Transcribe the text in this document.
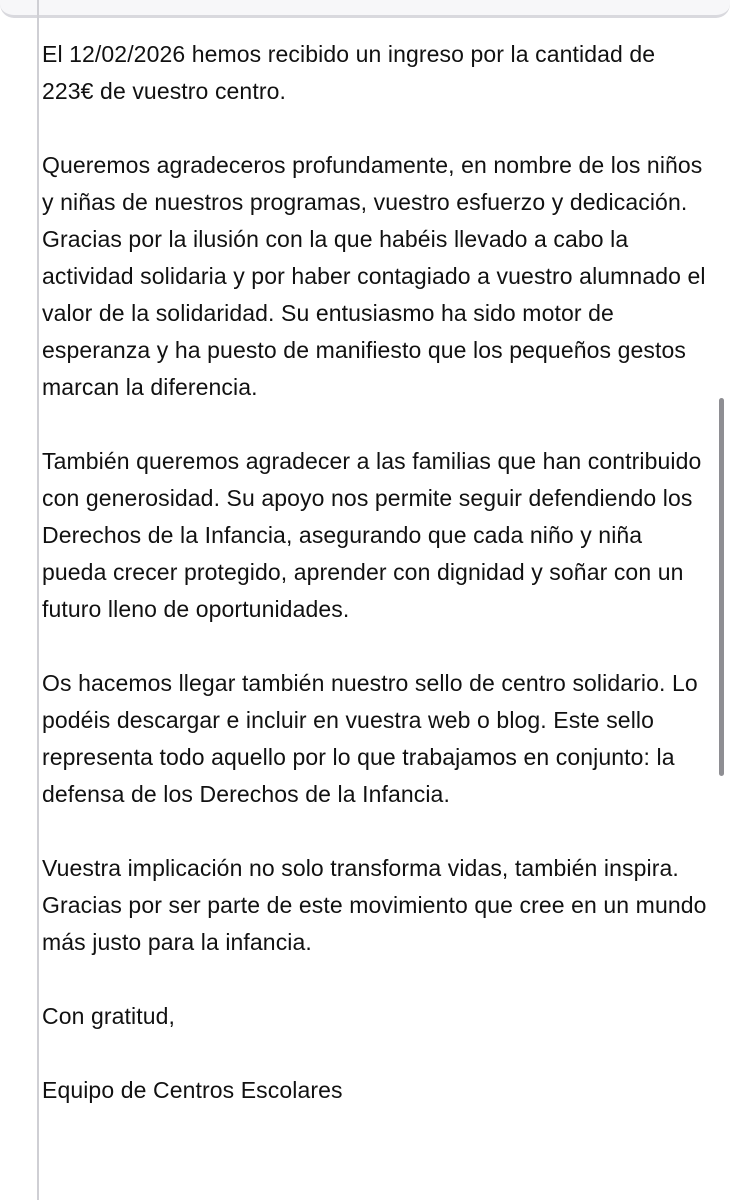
El 12/02/2026 hemos recibido un ingreso por la cantidad de 223€ de vuestro centro.

Queremos agradeceros profundamente, en nombre de los niños y niñas de nuestros programas, vuestro esfuerzo y dedicación. Gracias por la ilusión con la que habéis llevado a cabo la actividad solidaria y por haber contagiado a vuestro alumnado el valor de la solidaridad. Su entusiasmo ha sido motor de esperanza y ha puesto de manifiesto que los pequeños gestos marcan la diferencia.

También queremos agradecer a las familias que han contribuido con generosidad. Su apoyo nos permite seguir defendiendo los Derechos de la Infancia, asegurando que cada niño y niña pueda crecer protegido, aprender con dignidad y soñar con un futuro lleno de oportunidades.

Os hacemos llegar también nuestro sello de centro solidario. Lo podéis descargar e incluir en vuestra web o blog. Este sello representa todo aquello por lo que trabajamos en conjunto: la defensa de los Derechos de la Infancia.

Vuestra implicación no solo transforma vidas, también inspira. Gracias por ser parte de este movimiento que cree en un mundo más justo para la infancia.

Con gratitud,

Equipo de Centros Escolares
